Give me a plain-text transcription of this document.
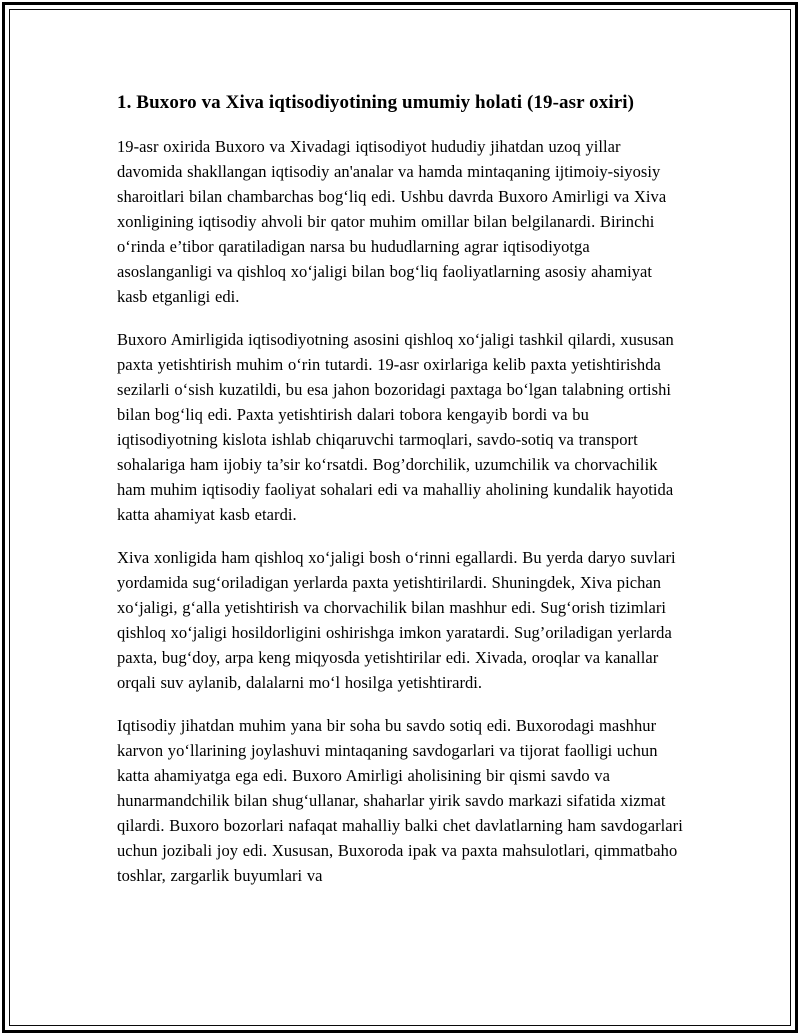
1. Buxoro va Xiva iqtisodiyotining umumiy holati (19-asr oxiri)

19-asr oxirida Buxoro va Xivadagi iqtisodiyot hududiy jihatdan uzoq yillar davomida shakllangan iqtisodiy an'analar va hamda mintaqaning ijtimoiy-siyosiy sharoitlari bilan chambarchas bog‘liq edi. Ushbu davrda Buxoro Amirligi va Xiva xonligining iqtisodiy ahvoli bir qator muhim omillar bilan belgilanardi. Birinchi o‘rinda e’tibor qaratiladigan narsa bu hududlarning agrar iqtisodiyotga asoslanganligi va qishloq xo‘jaligi bilan bog‘liq faoliyatlarning asosiy ahamiyat kasb etganligi edi.

Buxoro Amirligida iqtisodiyotning asosini qishloq xo‘jaligi tashkil qilardi, xususan paxta yetishtirish muhim o‘rin tutardi. 19-asr oxirlariga kelib paxta yetishtirishda sezilarli o‘sish kuzatildi, bu esa jahon bozoridagi paxtaga bo‘lgan talabning ortishi bilan bog‘liq edi. Paxta yetishtirish dalari tobora kengayib bordi va bu iqtisodiyotning kislota ishlab chiqaruvchi tarmoqlari, savdo-sotiq va transport sohalariga ham ijobiy ta’sir ko‘rsatdi. Bog’dorchilik, uzumchilik va chorvachilik ham muhim iqtisodiy faoliyat sohalari edi va mahalliy aholining kundalik hayotida katta ahamiyat kasb etardi.

Xiva xonligida ham qishloq xo‘jaligi bosh o‘rinni egallardi. Bu yerda daryo suvlari yordamida sug‘oriladigan yerlarda paxta yetishtirilardi. Shuningdek, Xiva pichan xo‘jaligi, g‘alla yetishtirish va chorvachilik bilan mashhur edi. Sug‘orish tizimlari qishloq xo‘jaligi hosildorligini oshirishga imkon yaratardi. Sug’oriladigan yerlarda paxta, bug‘doy, arpa keng miqyosda yetishtirilar edi. Xivada, oroqlar va kanallar orqali suv aylanib, dalalarni mo‘l hosilga yetishtirardi.

Iqtisodiy jihatdan muhim yana bir soha bu savdo sotiq edi. Buxorodagi mashhur karvon yo‘llarining joylashuvi mintaqaning savdogarlari va tijorat faolligi uchun katta ahamiyatga ega edi. Buxoro Amirligi aholisining bir qismi savdo va hunarmandchilik bilan shug‘ullanar, shaharlar yirik savdo markazi sifatida xizmat qilardi. Buxoro bozorlari nafaqat mahalliy balki chet davlatlarning ham savdogarlari uchun jozibali joy edi. Xususan, Buxoroda ipak va paxta mahsulotlari, qimmatbaho toshlar, zargarlik buyumlari va
